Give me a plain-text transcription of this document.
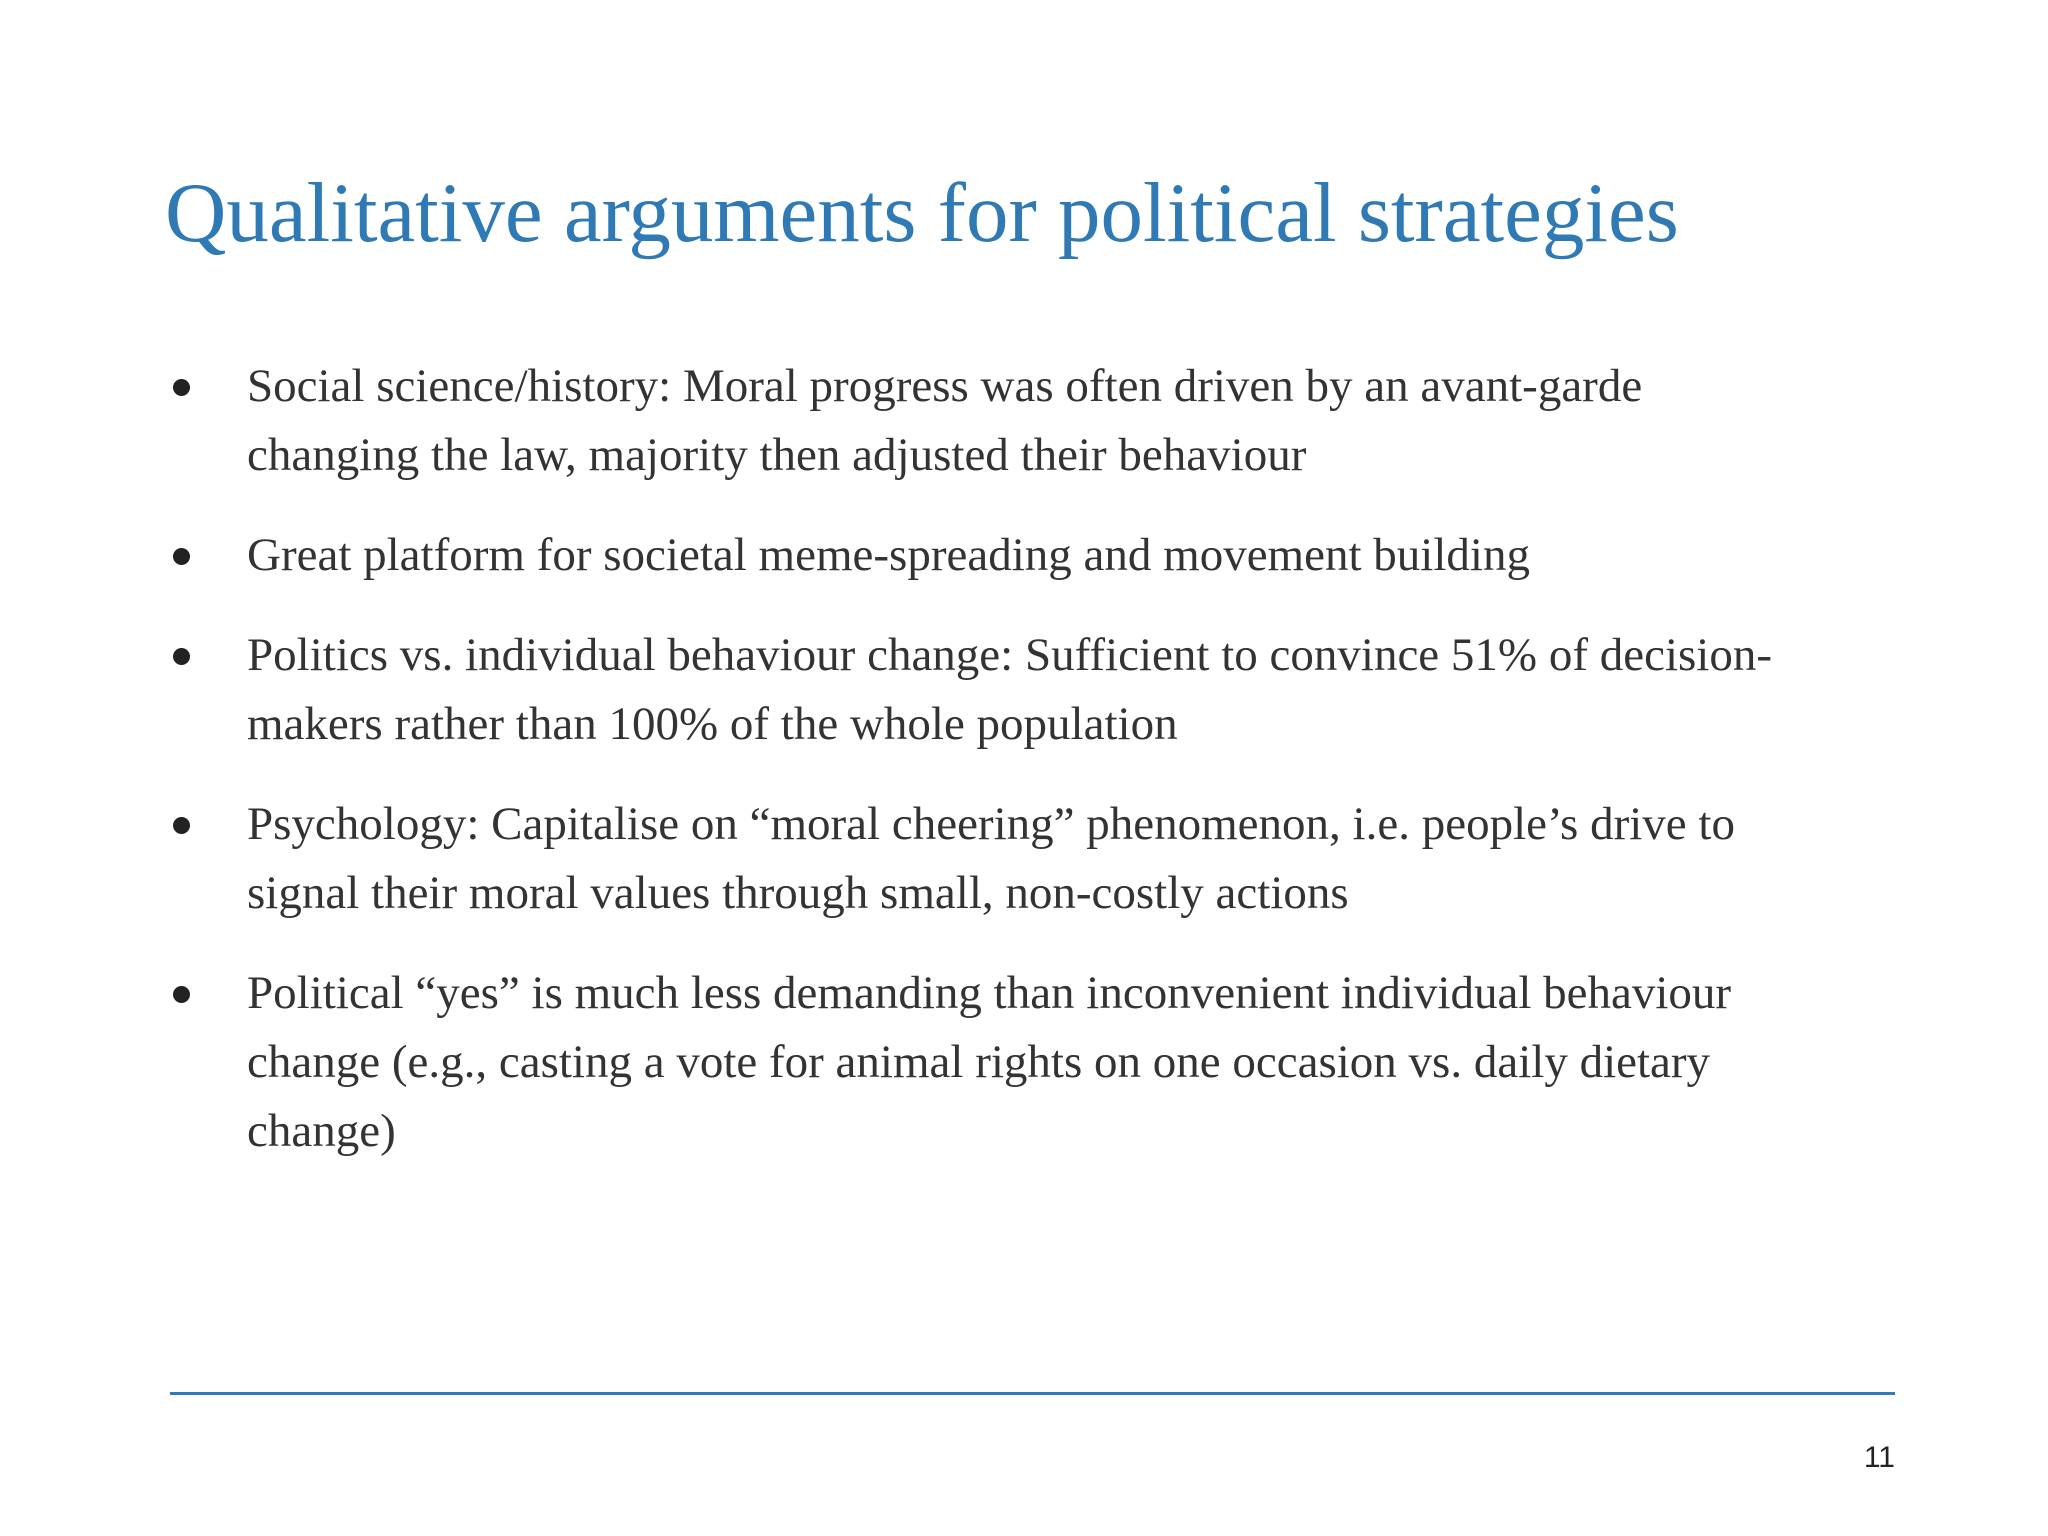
Qualitative arguments for political strategies
Social science/history: Moral progress was often driven by an avant-garde changing the law, majority then adjusted their behaviour
Great platform for societal meme-spreading and movement building
Politics vs. individual behaviour change: Sufficient to convince 51% of decision-makers rather than 100% of the whole population
Psychology: Capitalise on “moral cheering” phenomenon, i.e. people’s drive to signal their moral values through small, non-costly actions
Political “yes” is much less demanding than inconvenient individual behaviour change (e.g., casting a vote for animal rights on one occasion vs. daily dietary change)
11
